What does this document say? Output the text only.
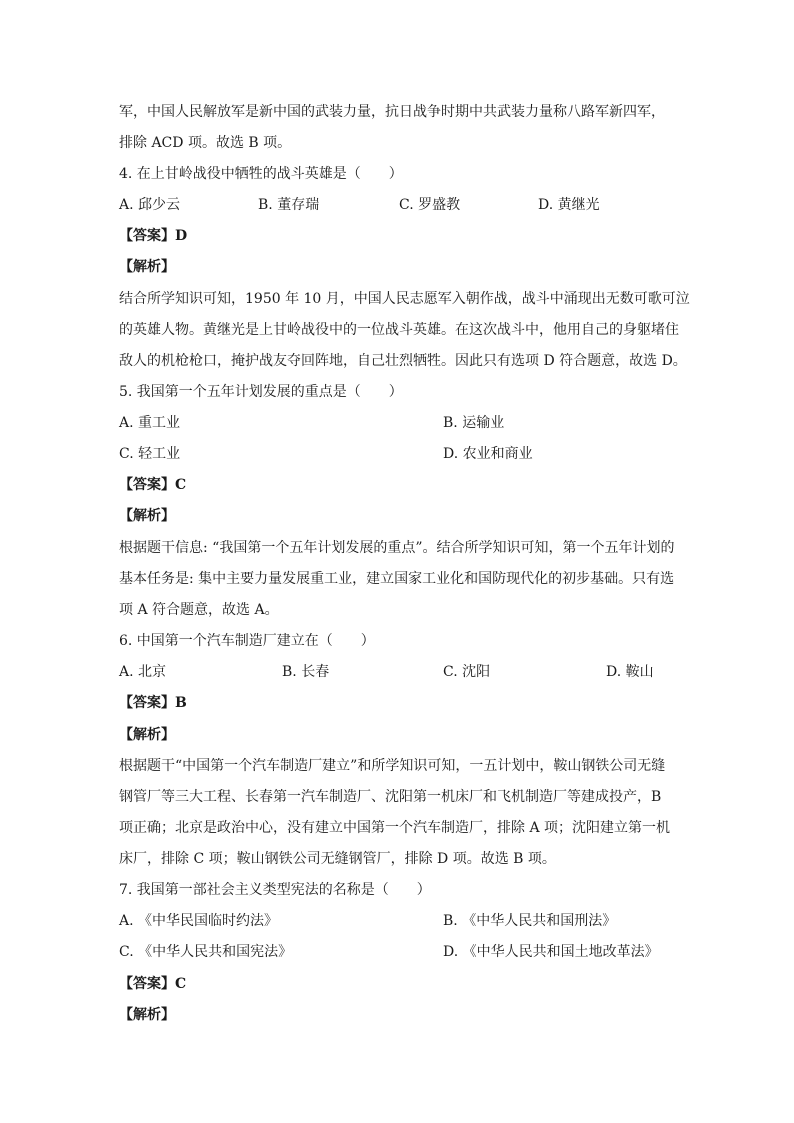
军，中国人民解放军是新中国的武装力量，抗日战争时期中共武装力量称八路军新四军，
排除 ACD 项。故选 B 项。
4. 在上甘岭战役中牺牲的战斗英雄是（　　）
A. 邱少云	B. 董存瑞	C. 罗盛教	D. 黄继光
【答案】D
【解析】
结合所学知识可知，1950 年 10 月，中国人民志愿军入朝作战，战斗中涌现出无数可歌可泣
的英雄人物。黄继光是上甘岭战役中的一位战斗英雄。在这次战斗中，他用自己的身躯堵住
敌人的机枪枪口，掩护战友夺回阵地，自己壮烈牺牲。因此只有选项 D 符合题意，故选 D。
5. 我国第一个五年计划发展的重点是（　　）
A. 重工业	B. 运输业
C. 轻工业	D. 农业和商业
【答案】C
【解析】
根据题干信息: “我国第一个五年计划发展的重点”。结合所学知识可知，第一个五年计划的
基本任务是: 集中主要力量发展重工业，建立国家工业化和国防现代化的初步基础。只有选
项 A 符合题意，故选 A。
6. 中国第一个汽车制造厂建立在（　　）
A. 北京	B. 长春	C. 沈阳	D. 鞍山
【答案】B
【解析】
根据题干“中国第一个汽车制造厂建立”和所学知识可知，一五计划中，鞍山钢铁公司无缝
钢管厂等三大工程、长春第一汽车制造厂、沈阳第一机床厂和飞机制造厂等建成投产，B
项正确；北京是政治中心，没有建立中国第一个汽车制造厂，排除 A 项；沈阳建立第一机
床厂，排除 C 项；鞍山钢铁公司无缝钢管厂，排除 D 项。故选 B 项。
7. 我国第一部社会主义类型宪法的名称是（　　）
A. 《中华民国临时约法》	B. 《中华人民共和国刑法》
C. 《中华人民共和国宪法》	D. 《中华人民共和国土地改革法》
【答案】C
【解析】
